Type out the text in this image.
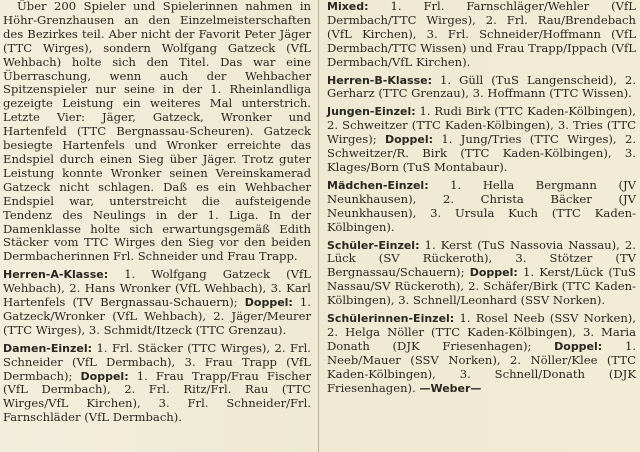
Über 200 Spieler und Spielerinnen nahmen in Höhr-Grenzhausen an den Einzelmeisterschaften des Bezirkes teil. Aber nicht der Favorit Peter Jäger (TTC Wirges), sondern Wolfgang Gatzeck (VfL Wehbach) holte sich den Titel. Das war eine Überraschung, wenn auch der Wehbacher Spitzenspieler nur seine in der 1. Rheinlandliga gezeigte Leistung ein weiteres Mal unterstrich. Letzte Vier: Jäger, Gatzeck, Wronker und Hartenfeld (TTC Bergnassau-Scheuren). Gatzeck besiegte Hartenfels und Wronker erreichte das Endspiel durch einen Sieg über Jäger. Trotz guter Leistung konnte Wronker seinen Vereinskamerad Gatzeck nicht schlagen. Daß es ein Wehbacher Endspiel war, unterstreicht die aufsteigende Tendenz des Neulings in der 1. Liga. In der Damenklasse holte sich erwartungsgemäß Edith Stäcker vom TTC Wirges den Sieg vor den beiden Dermbacherinnen Frl. Schneider und Frau Trapp.

Herren-A-Klasse: 1. Wolfgang Gatzeck (VfL Wehbach), 2. Hans Wronker (VfL Wehbach), 3. Karl Hartenfels (TV Bergnassau-Schauern); Doppel: 1. Gatzeck/Wronker (VfL Wehbach), 2. Jäger/Meurer (TTC Wirges), 3. Schmidt/Itzeck (TTC Grenzau).

Damen-Einzel: 1. Frl. Stäcker (TTC Wirges), 2. Frl. Schneider (VfL Dermbach), 3. Frau Trapp (VfL Dermbach); Doppel: 1. Frau Trapp/Frau Fischer (VfL Dermbach), 2. Frl. Ritz/Frl. Rau (TTC Wirges/VfL Kirchen), 3. Frl. Schneider/Frl. Farnschläder (VfL Dermbach).

Mixed: 1. Frl. Farnschläger/Wehler (VfL Dermbach/TTC Wirges), 2. Frl. Rau/Brendebach (VfL Kirchen), 3. Frl. Schneider/Hoffmann (VfL Dermbach/TTC Wissen) und Frau Trapp/Ippach (VfL Dermbach/VfL Kirchen).

Herren-B-Klasse: 1. Güll (TuS Langenscheid), 2. Gerharz (TTC Grenzau), 3. Hoffmann (TTC Wissen).

Jungen-Einzel: 1. Rudi Birk (TTC Kaden-Kölbingen), 2. Schweitzer (TTC Kaden-Kölbingen), 3. Tries (TTC Wirges); Doppel: 1. Jung/Tries (TTC Wirges), 2. Schweitzer/R. Birk (TTC Kaden-Kölbingen), 3. Klages/Born (TuS Montabaur).

Mädchen-Einzel: 1. Hella Bergmann (JV Neunkhausen), 2. Christa Bäcker (JV Neunkhausen), 3. Ursula Kuch (TTC Kaden-Kölbingen).

Schüler-Einzel: 1. Kerst (TuS Nassovia Nassau), 2. Lück (SV Rückeroth), 3. Stötzer (TV Bergnassau/Schauern); Doppel: 1. Kerst/Lück (TuS Nassau/SV Rückeroth), 2. Schäfer/Birk (TTC Kaden-Kölbingen), 3. Schnell/Leonhard (SSV Norken).

Schülerinnen-Einzel: 1. Rosel Neeb (SSV Norken), 2. Helga Nöller (TTC Kaden-Kölbingen), 3. Maria Donath (DJK Friesenhagen); Doppel: 1. Neeb/Mauer (SSV Norken), 2. Nöller/Klee (TTC Kaden-Kölbingen), 3. Schnell/Donath (DJK Friesenhagen). —Weber—
